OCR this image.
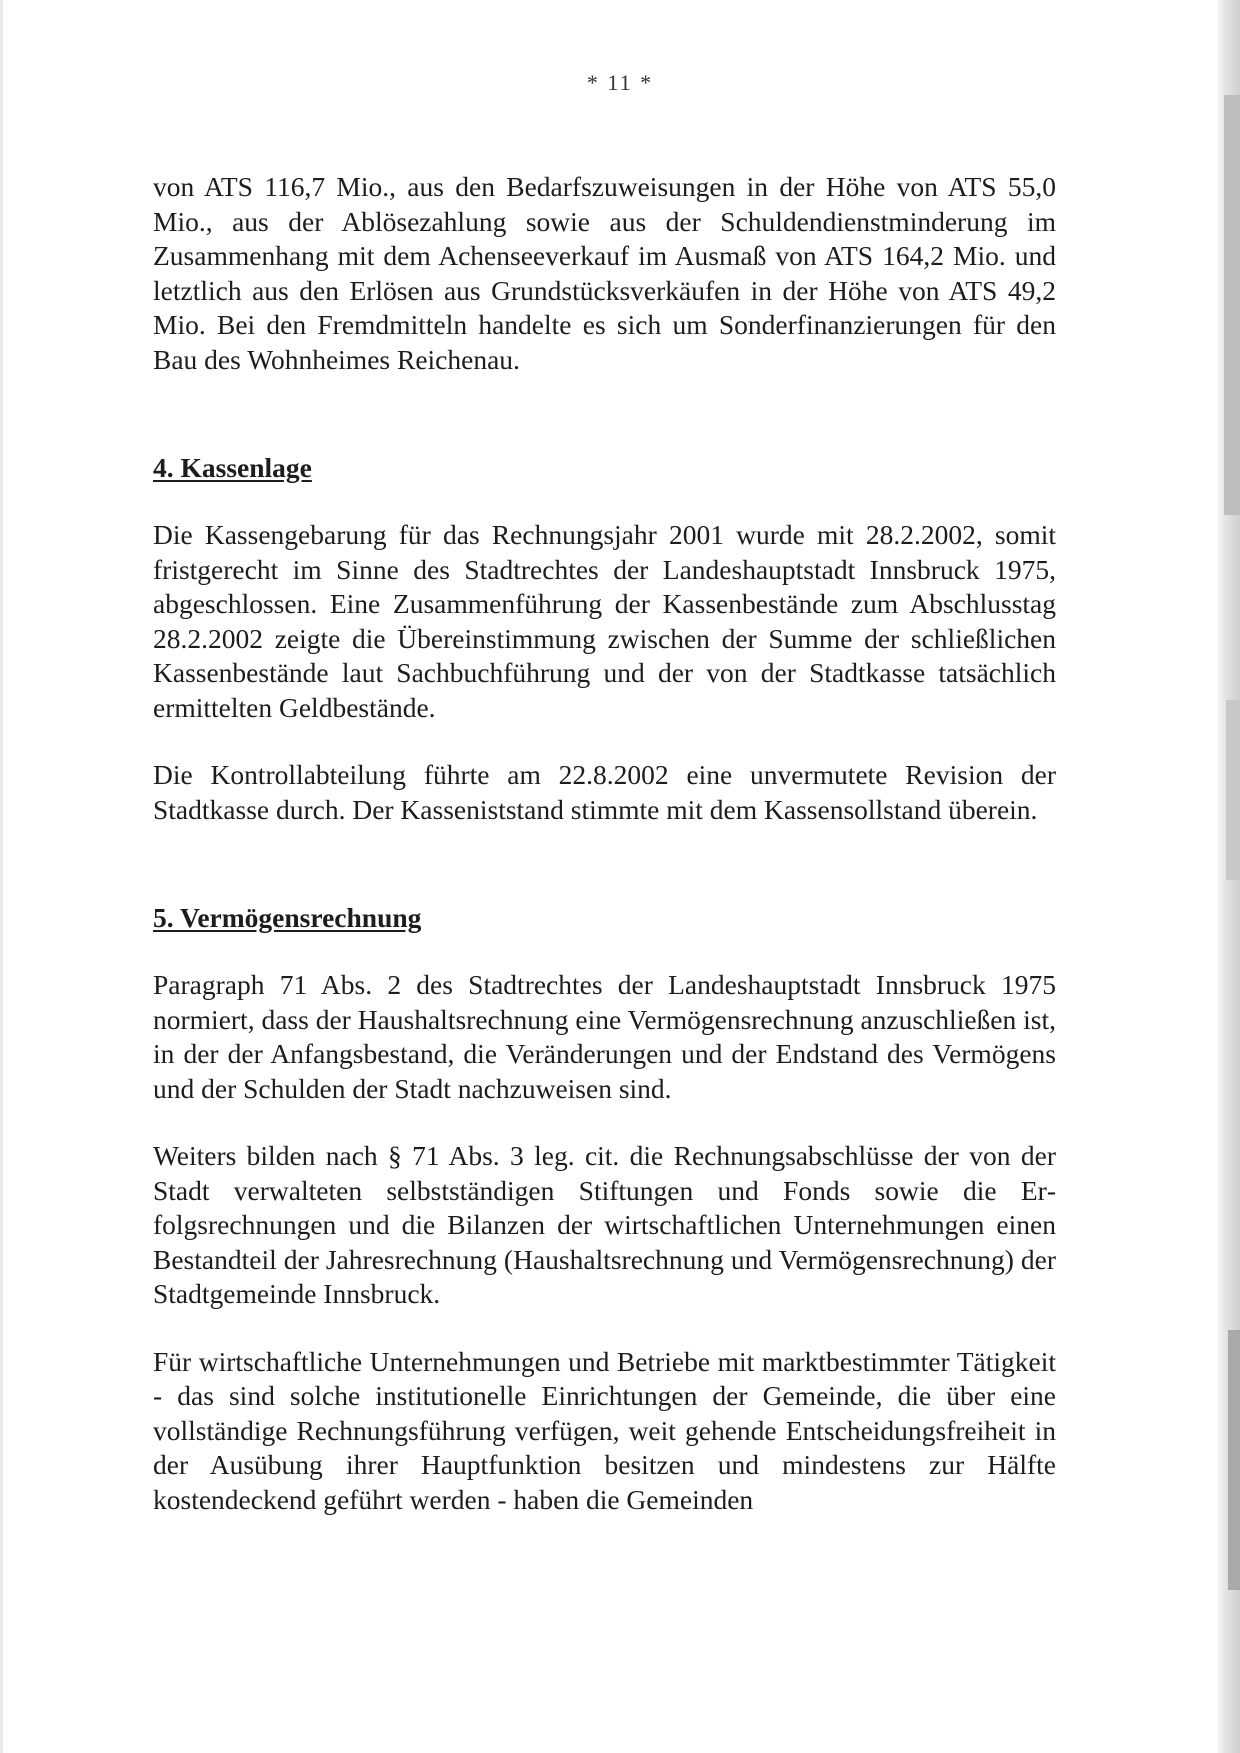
* 11 *

von ATS 116,7 Mio., aus den Bedarfszuweisungen in der Höhe von ATS 55,0 Mio., aus der Ablösezahlung sowie aus der Schuldendienstminderung im Zusammenhang mit dem Achenseeverkauf im Ausmaß von ATS 164,2 Mio. und letztlich aus den Erlösen aus Grundstücksverkäufen in der Höhe von ATS 49,2 Mio. Bei den Fremdmitteln handelte es sich um Sonderfinanzierungen für den Bau des Wohnheimes Reichenau.

4. Kassenlage

Die Kassengebarung für das Rechnungsjahr 2001 wurde mit 28.2.2002, somit fristgerecht im Sinne des Stadtrechtes der Landeshauptstadt Innsbruck 1975, abgeschlossen. Eine Zusammenführung der Kassenbestände zum Abschlusstag 28.2.2002 zeigte die Übereinstimmung zwischen der Summe der schließlichen Kassenbestände laut Sachbuchführung und der von der Stadtkasse tatsächlich ermittelten Geldbestände.

Die Kontrollabteilung führte am 22.8.2002 eine unvermutete Revision der Stadtkasse durch. Der Kasseniststand stimmte mit dem Kassensollstand überein.

5. Vermögensrechnung

Paragraph 71 Abs. 2 des Stadtrechtes der Landeshauptstadt Innsbruck 1975 normiert, dass der Haushaltsrechnung eine Vermögensrechnung anzuschließen ist, in der der Anfangsbestand, die Veränderungen und der Endstand des Vermögens und der Schulden der Stadt nachzuweisen sind.

Weiters bilden nach § 71 Abs. 3 leg. cit. die Rechnungsabschlüsse der von der Stadt verwalteten selbstständigen Stiftungen und Fonds sowie die Erfolgsrechnungen und die Bilanzen der wirtschaftlichen Unternehmungen einen Bestandteil der Jahresrechnung (Haushaltsrechnung und Vermögensrechnung) der Stadtgemeinde Innsbruck.

Für wirtschaftliche Unternehmungen und Betriebe mit marktbestimmter Tätigkeit - das sind solche institutionelle Einrichtungen der Gemeinde, die über eine vollständige Rechnungsführung verfügen, weit gehende Entscheidungsfreiheit in der Ausübung ihrer Hauptfunktion besitzen und mindestens zur Hälfte kostendeckend geführt werden - haben die Gemeinden
